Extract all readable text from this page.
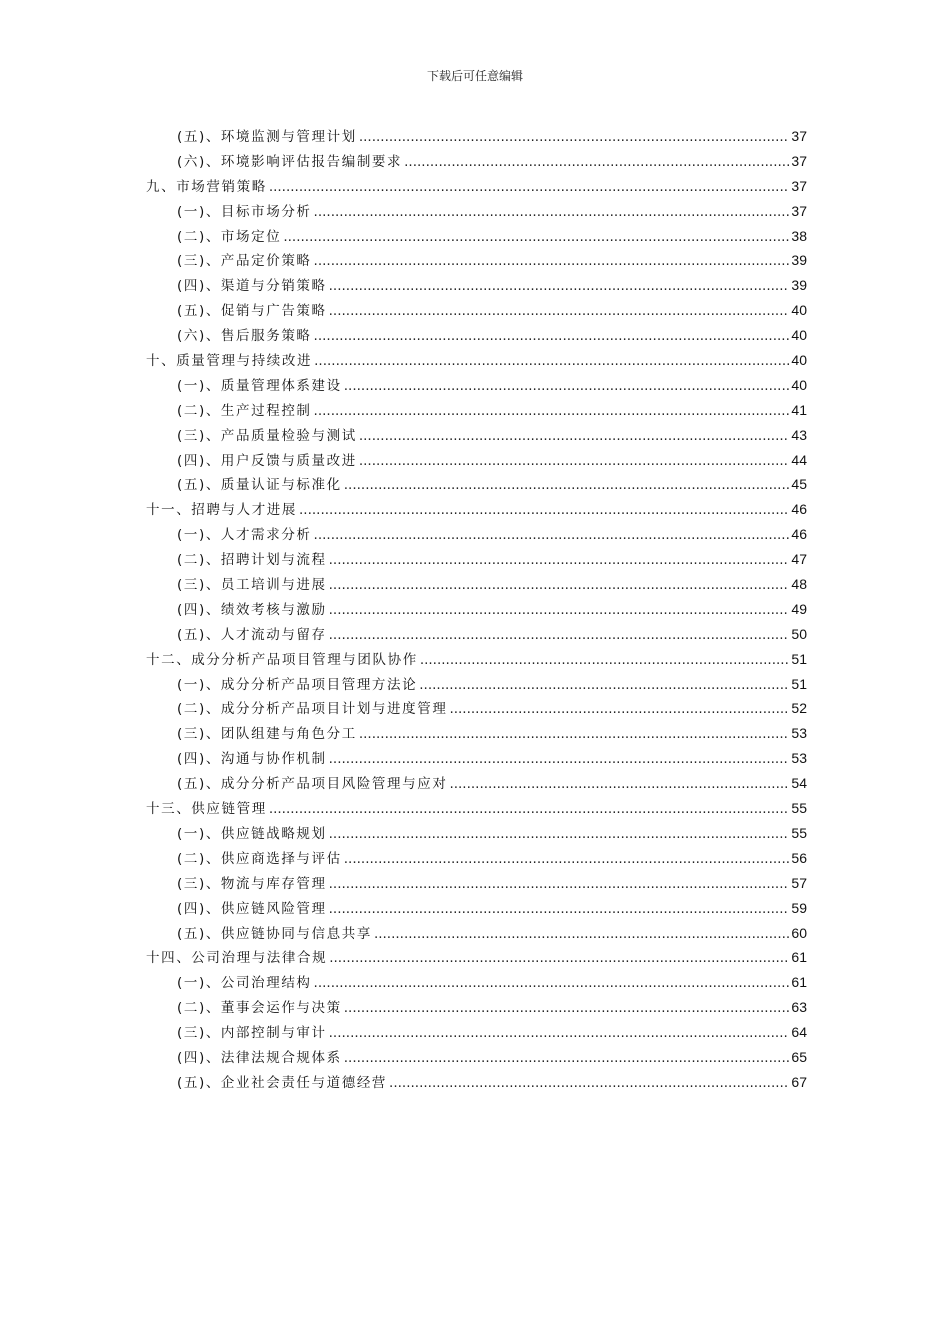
下载后可任意编辑
(五)、环境监测与管理计划 .....	37
(六)、环境影响评估报告编制要求 .....	37
九、市场营销策略 .....	37
(一)、目标市场分析 .....	37
(二)、市场定位 .....	38
(三)、产品定价策略 .....	39
(四)、渠道与分销策略 .....	39
(五)、促销与广告策略 .....	40
(六)、售后服务策略 .....	40
十、质量管理与持续改进 .....	40
(一)、质量管理体系建设 .....	40
(二)、生产过程控制 .....	41
(三)、产品质量检验与测试 .....	43
(四)、用户反馈与质量改进 .....	44
(五)、质量认证与标准化 .....	45
十一、招聘与人才进展 .....	46
(一)、人才需求分析 .....	46
(二)、招聘计划与流程 .....	47
(三)、员工培训与进展 .....	48
(四)、绩效考核与激励 .....	49
(五)、人才流动与留存 .....	50
十二、成分分析产品项目管理与团队协作 .....	51
(一)、成分分析产品项目管理方法论 .....	51
(二)、成分分析产品项目计划与进度管理 .....	52
(三)、团队组建与角色分工 .....	53
(四)、沟通与协作机制 .....	53
(五)、成分分析产品项目风险管理与应对 .....	54
十三、供应链管理 .....	55
(一)、供应链战略规划 .....	55
(二)、供应商选择与评估 .....	56
(三)、物流与库存管理 .....	57
(四)、供应链风险管理 .....	59
(五)、供应链协同与信息共享 .....	60
十四、公司治理与法律合规 .....	61
(一)、公司治理结构 .....	61
(二)、董事会运作与决策 .....	63
(三)、内部控制与审计 .....	64
(四)、法律法规合规体系 .....	65
(五)、企业社会责任与道德经营 .....	67
